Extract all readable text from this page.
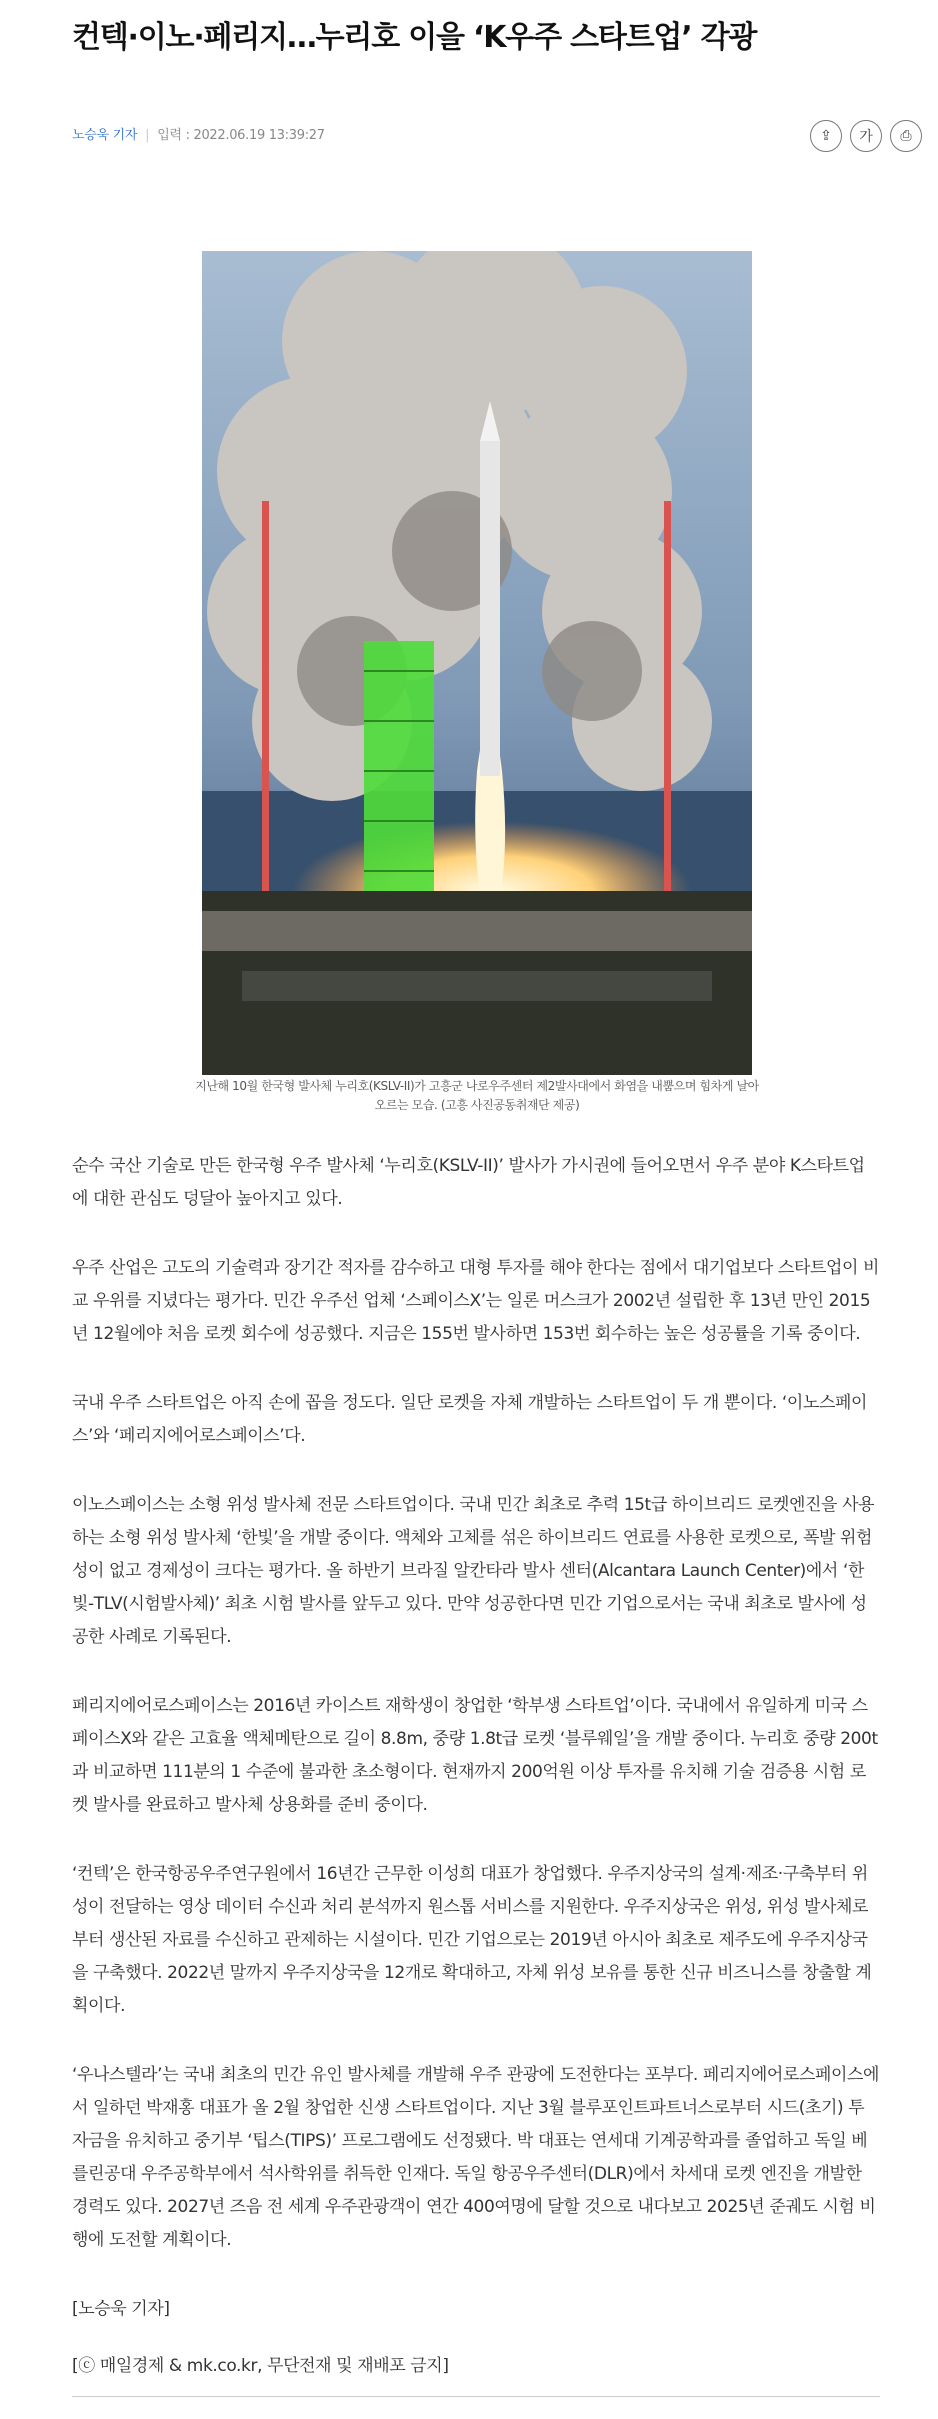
컨텍·이노·페리지…누리호 이을 ‘K우주 스타트업’ 각광
노승욱 기자 | 입력 : 2022.06.19 13:39:27	⇪ 가 ⎙
지난해 10월 한국형 발사체 누리호(KSLV-II)가 고흥군 나로우주센터 제2발사대에서 화염을 내뿜으며 힘차게 날아오르는 모습. (고흥 사진공동취재단 제공)

순수 국산 기술로 만든 한국형 우주 발사체 ‘누리호(KSLV-II)’ 발사가 가시권에 들어오면서 우주 분야 K스타트업에 대한 관심도 덩달아 높아지고 있다.

우주 산업은 고도의 기술력과 장기간 적자를 감수하고 대형 투자를 해야 한다는 점에서 대기업보다 스타트업이 비교 우위를 지녔다는 평가다. 민간 우주선 업체 ‘스페이스X’는 일론 머스크가 2002년 설립한 후 13년 만인 2015년 12월에야 처음 로켓 회수에 성공했다. 지금은 155번 발사하면 153번 회수하는 높은 성공률을 기록 중이다.

국내 우주 스타트업은 아직 손에 꼽을 정도다. 일단 로켓을 자체 개발하는 스타트업이 두 개 뿐이다. ‘이노스페이스’와 ‘페리지에어로스페이스’다.

이노스페이스는 소형 위성 발사체 전문 스타트업이다. 국내 민간 최초로 추력 15t급 하이브리드 로켓엔진을 사용하는 소형 위성 발사체 ‘한빛’을 개발 중이다. 액체와 고체를 섞은 하이브리드 연료를 사용한 로켓으로, 폭발 위험성이 없고 경제성이 크다는 평가다. 올 하반기 브라질 알칸타라 발사 센터(Alcantara Launch Center)에서 ‘한빛-TLV(시험발사체)’ 최초 시험 발사를 앞두고 있다. 만약 성공한다면 민간 기업으로서는 국내 최초로 발사에 성공한 사례로 기록된다.

페리지에어로스페이스는 2016년 카이스트 재학생이 창업한 ‘학부생 스타트업’이다. 국내에서 유일하게 미국 스페이스X와 같은 고효율 액체메탄으로 길이 8.8m, 중량 1.8t급 로켓 ‘블루웨일’을 개발 중이다. 누리호 중량 200t과 비교하면 111분의 1 수준에 불과한 초소형이다. 현재까지 200억원 이상 투자를 유치해 기술 검증용 시험 로켓 발사를 완료하고 발사체 상용화를 준비 중이다.

‘컨텍’은 한국항공우주연구원에서 16년간 근무한 이성희 대표가 창업했다. 우주지상국의 설계·제조·구축부터 위성이 전달하는 영상 데이터 수신과 처리 분석까지 원스톱 서비스를 지원한다. 우주지상국은 위성, 위성 발사체로부터 생산된 자료를 수신하고 관제하는 시설이다. 민간 기업으로는 2019년 아시아 최초로 제주도에 우주지상국을 구축했다. 2022년 말까지 우주지상국을 12개로 확대하고, 자체 위성 보유를 통한 신규 비즈니스를 창출할 계획이다.

‘우나스텔라’는 국내 최초의 민간 유인 발사체를 개발해 우주 관광에 도전한다는 포부다. 페리지에어로스페이스에서 일하던 박재홍 대표가 올 2월 창업한 신생 스타트업이다. 지난 3월 블루포인트파트너스로부터 시드(초기) 투자금을 유치하고 중기부 ‘팁스(TIPS)’ 프로그램에도 선정됐다. 박 대표는 연세대 기계공학과를 졸업하고 독일 베를린공대 우주공학부에서 석사학위를 취득한 인재다. 독일 항공우주센터(DLR)에서 차세대 로켓 엔진을 개발한 경력도 있다. 2027년 즈음 전 세계 우주관광객이 연간 400여명에 달할 것으로 내다보고 2025년 준궤도 시험 비행에 도전할 계획이다.

[노승욱 기자]

[ⓒ 매일경제 & mk.co.kr, 무단전재 및 재배포 금지]
